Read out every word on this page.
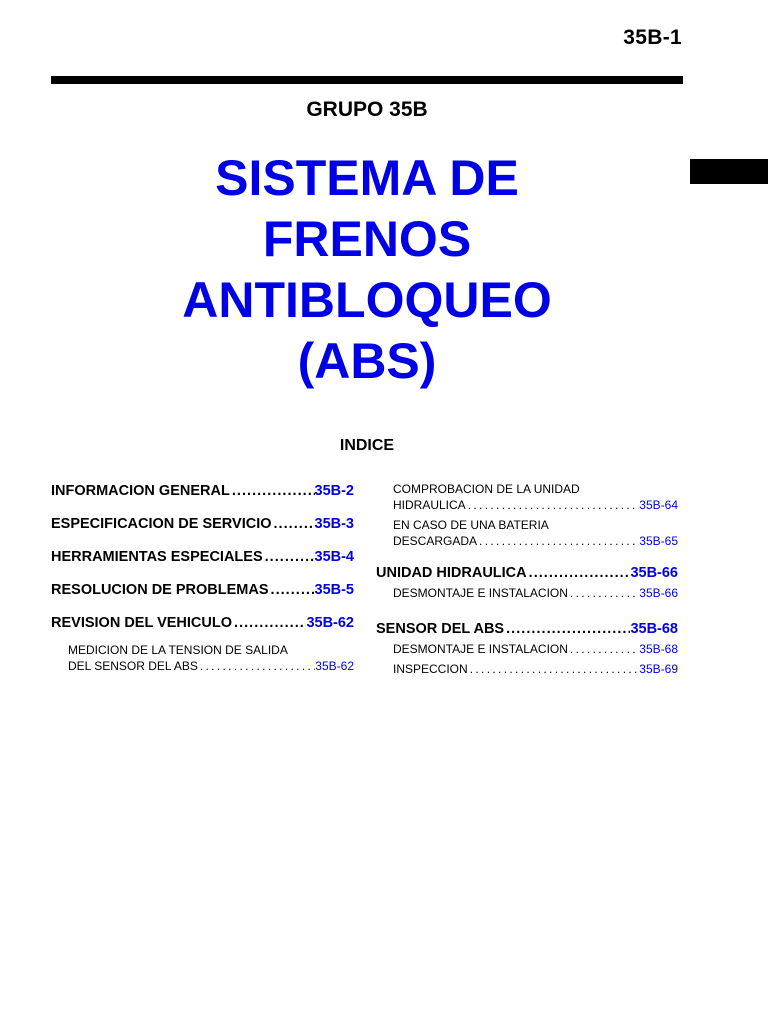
35B-1
GRUPO 35B
SISTEMA DE
FRENOS
ANTIBLOQUEO
(ABS)
INDICE
INFORMACION GENERAL . . .	35B-2
ESPECIFICACION DE SERVICIO . . .	35B-3
HERRAMIENTAS ESPECIALES . . .	35B-4
RESOLUCION DE PROBLEMAS . . .	35B-5
REVISION DEL VEHICULO . . .	35B-62
MEDICION DE LA TENSION DE SALIDA
DEL SENSOR DEL ABS . . .	35B-62
COMPROBACION DE LA UNIDAD
HIDRAULICA . . .	35B-64
EN CASO DE UNA BATERIA
DESCARGADA . . .	35B-65
UNIDAD HIDRAULICA . . .	35B-66
DESMONTAJE E INSTALACION . . .	35B-66
SENSOR DEL ABS . . .	35B-68
DESMONTAJE E INSTALACION . . .	35B-68
INSPECCION . . .	35B-69
